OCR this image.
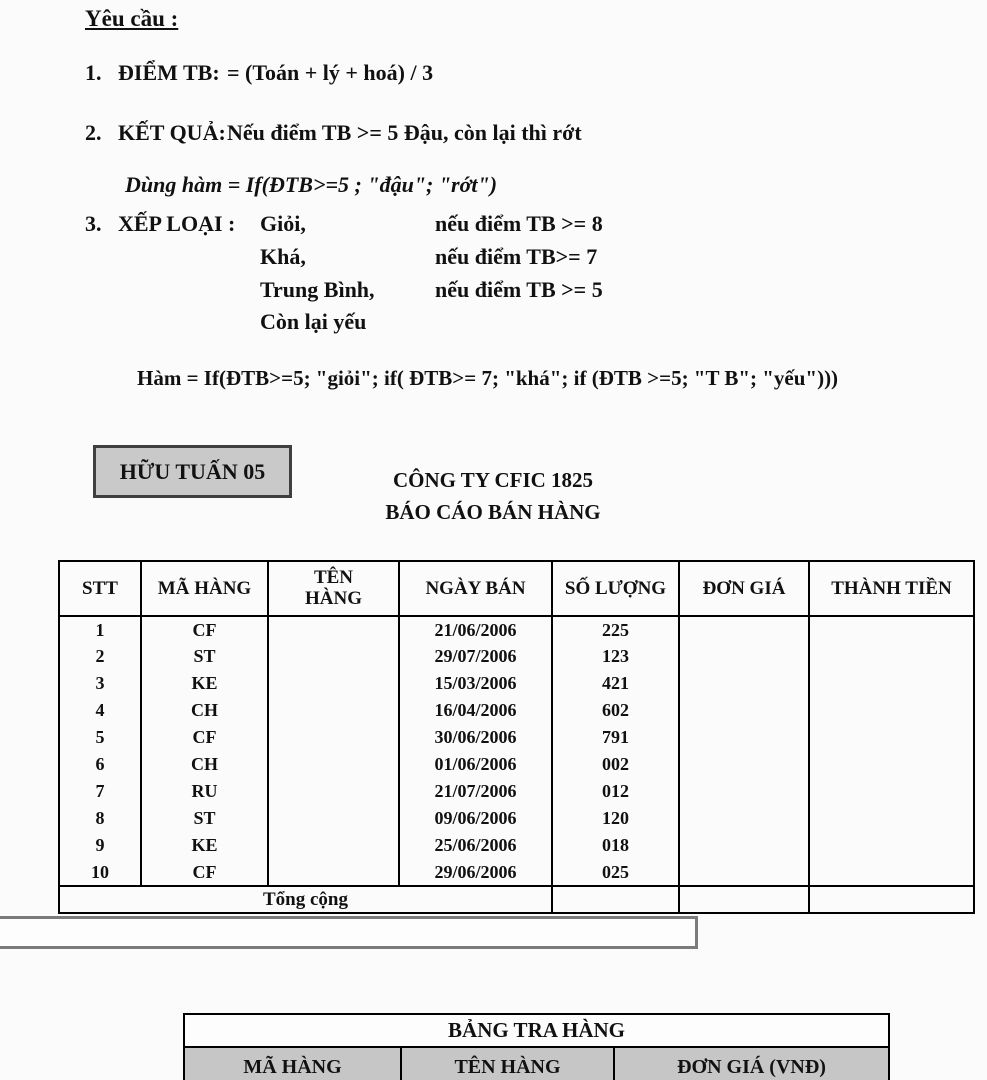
Yêu cầu :
1. ĐIỂM TB: = (Toán + lý + hoá) / 3
2. KẾT QUẢ: Nếu điểm TB >= 5 Đậu, còn lại thì rớt
Dùng hàm = If(ĐTB>=5 ; "đậu"; "rớt")
3. XẾP LOẠI : Giỏi,	nếu điểm TB >= 8
Khá,	nếu điểm TB>= 7
Trung Bình,	nếu điểm TB >= 5
Còn lại yếu
Hàm = If(ĐTB>=5; "giỏi"; if( ĐTB>= 7; "khá"; if (ĐTB >=5; "T B"; "yếu")))
HỮU TUẤN 05	CÔNG TY CFIC 1825
BÁO CÁO BÁN HÀNG
STT	MÃ HÀNG	TÊN HÀNG	NGÀY BÁN	SỐ LƯỢNG	ĐƠN GIÁ	THÀNH TIỀN
1	CF		21/06/2006	225		
2	ST		29/07/2006	123		
3	KE		15/03/2006	421		
4	CH		16/04/2006	602		
5	CF		30/06/2006	791		
6	CH		01/06/2006	002		
7	RU		21/07/2006	012		
8	ST		09/06/2006	120		
9	KE		25/06/2006	018		
10	CF		29/06/2006	025		
Tổng cộng						
BẢNG TRA HÀNG
MÃ HÀNG	TÊN HÀNG	ĐƠN GIÁ (VNĐ)
